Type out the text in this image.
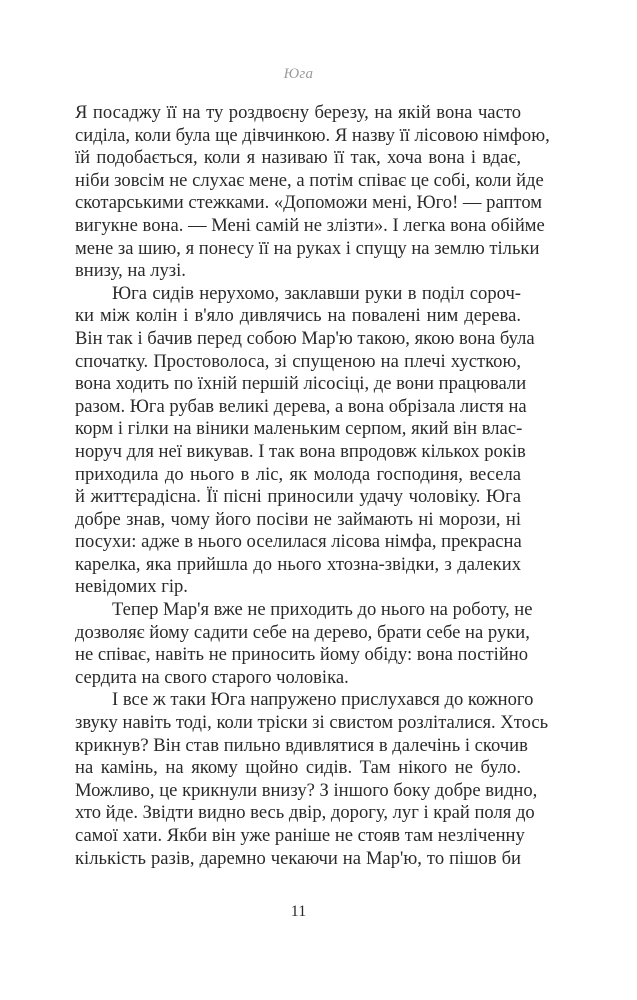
Юга
Я посаджу її на ту роздвоєну березу, на якій вона часто
сиділа, коли була ще дівчинкою. Я назву її лісовою німфою,
їй подобається, коли я називаю її так, хоча вона і вдає,
ніби зовсім не слухає мене, а потім співає це собі, коли йде
скотарськими стежками. «Допоможи мені, Юго! — раптом
вигукне вона. — Мені самій не злізти». І легка вона обійме
мене за шию, я понесу її на руках і спущу на землю тільки
внизу, на лузі.
Юга сидів нерухомо, заклавши руки в поділ сороч-
ки між колін і в'яло дивлячись на повалені ним дерева.
Він так і бачив перед собою Мар'ю такою, якою вона була
спочатку. Простоволоса, зі спущеною на плечі хусткою,
вона ходить по їхній першій лісосіці, де вони працювали
разом. Юга рубав великі дерева, а вона обрізала листя на
корм і гілки на віники маленьким серпом, який він влас-
норуч для неї викував. І так вона впродовж кількох років
приходила до нього в ліс, як молода господиня, весела
й життєрадісна. Її пісні приносили удачу чоловіку. Юга
добре знав, чому його посіви не займають ні морози, ні
посухи: адже в нього оселилася лісова німфа, прекрасна
карелка, яка прийшла до нього хтозна-звідки, з далеких
невідомих гір.
Тепер Мар'я вже не приходить до нього на роботу, не
дозволяє йому садити себе на дерево, брати себе на руки,
не співає, навіть не приносить йому обіду: вона постійно
сердита на свого старого чоловіка.
І все ж таки Юга напружено прислухався до кожного
звуку навіть тоді, коли тріски зі свистом розліталися. Хтось
крикнув? Він став пильно вдивлятися в далечінь і скочив
на камінь, на якому щойно сидів. Там нікого не було.
Можливо, це крикнули внизу? З іншого боку добре видно,
хто йде. Звідти видно весь двір, дорогу, луг і край поля до
самої хати. Якби він уже раніше не стояв там незліченну
кількість разів, даремно чекаючи на Мар'ю, то пішов би
11
